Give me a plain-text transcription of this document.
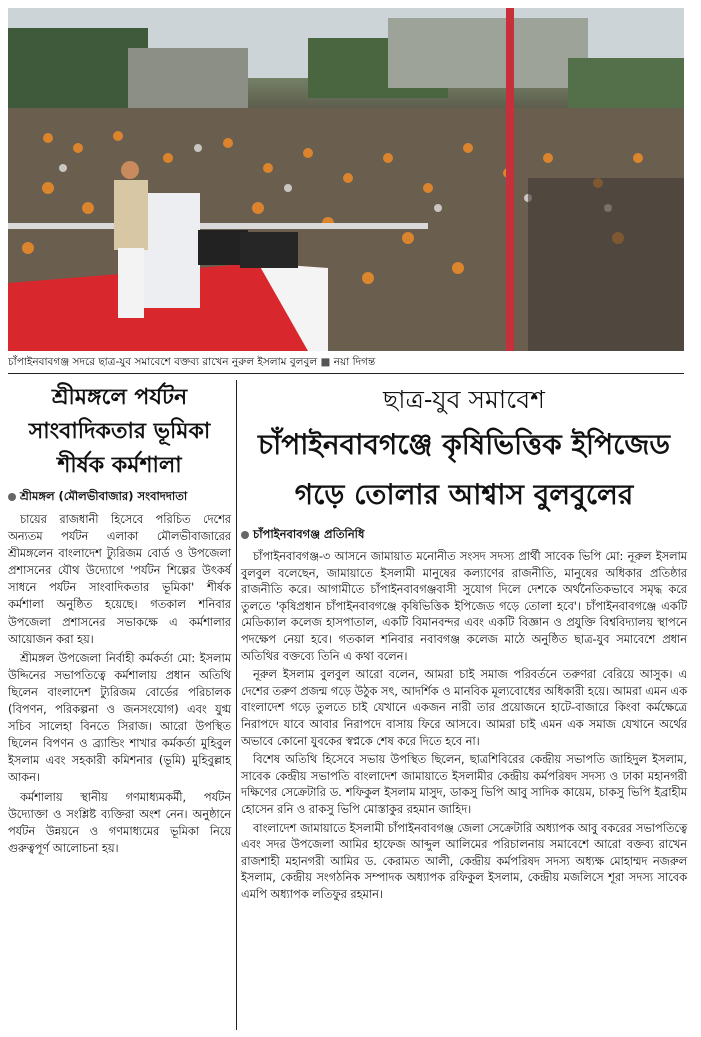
চাঁপাইনবাবগঞ্জ সদরে ছাত্র-যুব সমাবেশে বক্তব্য রাখেন নুরুল ইসলাম বুলবুল ■ নয়া দিগন্ত
শ্রীমঙ্গলে পর্যটন
সাংবাদিকতার ভূমিকা
শীর্ষক কর্মশালা
শ্রীমঙ্গল (মৌলভীবাজার) সংবাদদাতা

চায়ের রাজধানী হিসেবে পরিচিত দেশের অন্যতম পর্যটন এলাকা মৌলভীবাজারের শ্রীমঙ্গলেন বাংলাদেশ ট্যুরিজম বোর্ড ও উপজেলা প্রশাসনের যৌথ উদ্যোগে 'পর্যটন শিল্পের উৎকর্ষ সাধনে পর্যটন সাংবাদিকতার ভূমিকা' শীর্ষক কর্মশালা অনুষ্ঠিত হয়েছে। গতকাল শনিবার উপজেলা প্রশাসনের সভাকক্ষে এ কর্মশালার আয়োজন করা হয়।

শ্রীমঙ্গল উপজেলা নির্বাহী কর্মকর্তা মো: ইসলাম উদ্দিনের সভাপতিত্বে কর্মশালায় প্রধান অতিথি ছিলেন বাংলাদেশ ট্যুরিজম বোর্ডের পরিচালক (বিপণন, পরিকল্পনা ও জনসংযোগ) এবং যুগ্ম সচিব সালেহা বিনতে সিরাজ। আরো উপস্থিত ছিলেন বিপণন ও ব্র্যান্ডিং শাখার কর্মকর্তা মুহিবুল ইসলাম এবং সহকারী কমিশনার (ভূমি) মুহিবুল্লাহ আকন।

কর্মশালায় স্থানীয় গণমাধ্যমকর্মী, পর্যটন উদ্যোক্তা ও সংশ্লিষ্ট ব্যক্তিরা অংশ নেন। অনুষ্ঠানে পর্যটন উন্নয়নে ও গণমাধ্যমের ভূমিকা নিয়ে গুরুত্বপূর্ণ আলোচনা হয়।

ছাত্র-যুব সমাবেশ
চাঁপাইনবাবগঞ্জে কৃষিভিত্তিক ইপিজেড
গড়ে তোলার আশ্বাস বুলবুলের
চাঁপাইনবাবগঞ্জ প্রতিনিধি

চাঁপাইনবাবগঞ্জ-৩ আসনে জামায়াত মনোনীত সংসদ সদস্য প্রার্থী সাবেক ভিপি মো: নূরুল ইসলাম বুলবুল বলেছেন, জামায়াতে ইসলামী মানুষের কল্যাণের রাজনীতি, মানুষের অধিকার প্রতিষ্ঠার রাজনীতি করে। আগামীতে চাঁপাইনবাবগঞ্জবাসী সুযোগ দিলে দেশকে অর্থনৈতিকভাবে সমৃদ্ধ করে তুলতে 'কৃষিপ্রধান চাঁপাইনবাবগঞ্জে কৃষিভিত্তিক ইপিজেড গড়ে তোলা হবে'। চাঁপাইনবাবগঞ্জে একটি মেডিক্যাল কলেজ হাসপাতাল, একটি বিমানবন্দর এবং একটি বিজ্ঞান ও প্রযুক্তি বিশ্ববিদ্যালয় স্থাপনে পদক্ষেপ নেয়া হবে। গতকাল শনিবার নবাবগঞ্জ কলেজ মাঠে অনুষ্ঠিত ছাত্র-যুব সমাবেশে প্রধান অতিথির বক্তব্যে তিনি এ কথা বলেন।

নূরুল ইসলাম বুলবুল আরো বলেন, আমরা চাই সমাজ পরিবর্তনে তরুণরা বেরিয়ে আসুক। এ দেশের তরুণ প্রজন্ম গড়ে উঠুক সৎ, আদর্শিক ও মানবিক মূল্যবোধের অধিকারী হয়ে। আমরা এমন এক বাংলাদেশ গড়ে তুলতে চাই যেখানে একজন নারী তার প্রয়োজনে হাটে-বাজারে কিংবা কর্মক্ষেত্রে নিরাপদে যাবে আবার নিরাপদে বাসায় ফিরে আসবে। আমরা চাই এমন এক সমাজ যেখানে অর্থের অভাবে কোনো যুবকের স্বপ্নকে শেষ করে দিতে হবে না।

বিশেষ অতিথি হিসেবে সভায় উপস্থিত ছিলেন, ছাত্রশিবিরের কেন্দ্রীয় সভাপতি জাহিদুল ইসলাম, সাবেক কেন্দ্রীয় সভাপতি বাংলাদেশ জামায়াতে ইসলামীর কেন্দ্রীয় কর্মপরিষদ সদস্য ও ঢাকা মহানগরী দক্ষিণের সেক্রেটারি ড. শফিকুল ইসলাম মাসুদ, ডাকসু ভিপি আবু সাদিক কায়েম, চাকসু ভিপি ইব্রাহীম হোসেন রনি ও রাকসু ভিপি মোস্তাকুর রহমান জাহিদ।

বাংলাদেশ জামায়াতে ইসলামী চাঁপাইনবাবগঞ্জ জেলা সেক্রেটারি অধ্যাপক আবু বকরের সভাপতিত্বে এবং সদর উপজেলা আমির হাফেজ আব্দুল আলিমের পরিচালনায় সমাবেশে আরো বক্তব্য রাখেন রাজশাহী মহানগরী আমির ড. কেরামত আলী, কেন্দ্রীয় কর্মপরিষদ সদস্য অধ্যক্ষ মোহাম্মদ নজরুল ইসলাম, কেন্দ্রীয় সংগঠনিক সম্পাদক অধ্যাপক রফিকুল ইসলাম, কেন্দ্রীয় মজলিসে শূরা সদস্য সাবেক এমপি অধ্যাপক লতিফুর রহমান।
